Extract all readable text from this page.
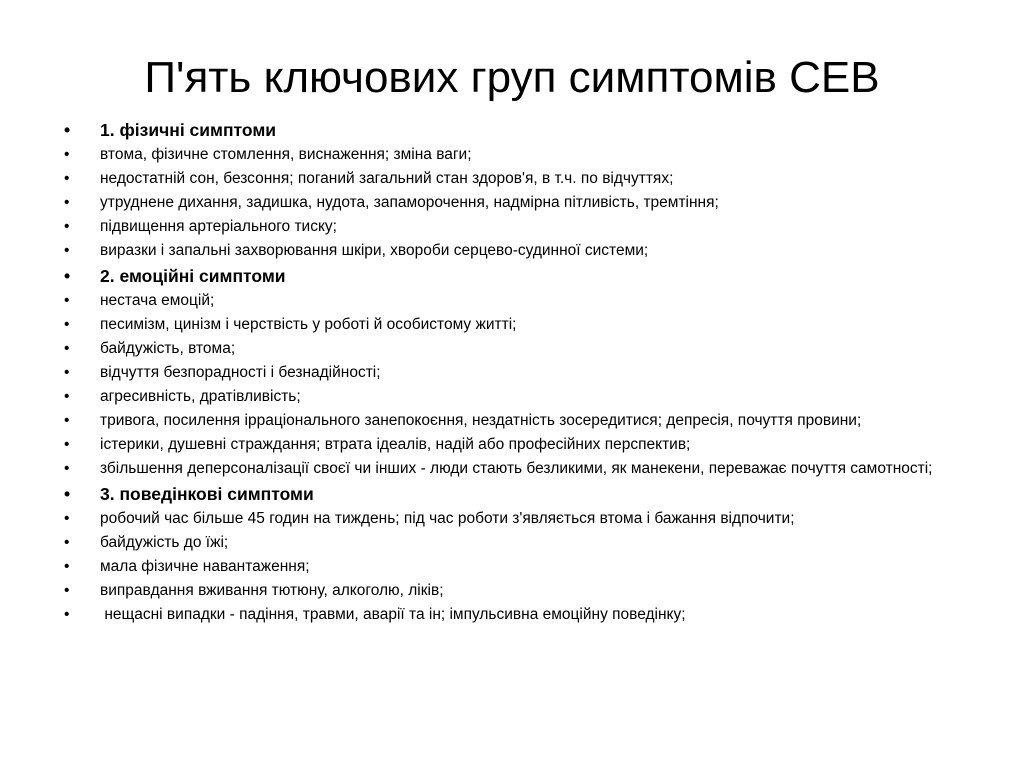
П'ять ключових груп симптомів СЕВ
•	1. фізичні симптоми
•	втома, фізичне стомлення, виснаження; зміна ваги;
•	недостатній сон, безсоння; поганий загальний стан здоров'я, в т.ч. по відчуттях;
•	утруднене дихання, задишка, нудота, запаморочення, надмірна пітливість, тремтіння;
•	підвищення артеріального тиску;
•	виразки і запальні захворювання шкіри, хвороби серцево-судинної системи;
•	2. емоційні симптоми
•	нестача емоцій;
•	песимізм, цинізм і черствість у роботі й особистому житті;
•	байдужість, втома;
•	відчуття безпорадності і безнадійності;
•	агресивність, дратівливість;
•	тривога, посилення ірраціонального занепокоєння, нездатність зосередитися; депресія, почуття провини;
•	істерики, душевні страждання; втрата ідеалів, надій або професійних перспектив;
•	збільшення деперсоналізації своєї чи інших - люди стають безликими, як манекени, переважає почуття самотності;
•	3. поведінкові симптоми
•	робочий час більше 45 годин на тиждень; під час роботи з'являється втома і бажання відпочити;
•	байдужість до їжі;
•	мала фізичне навантаження;
•	виправдання вживання тютюну, алкоголю, ліків;
•	нещасні випадки - падіння, травми, аварії та ін; імпульсивна емоційну поведінку;
